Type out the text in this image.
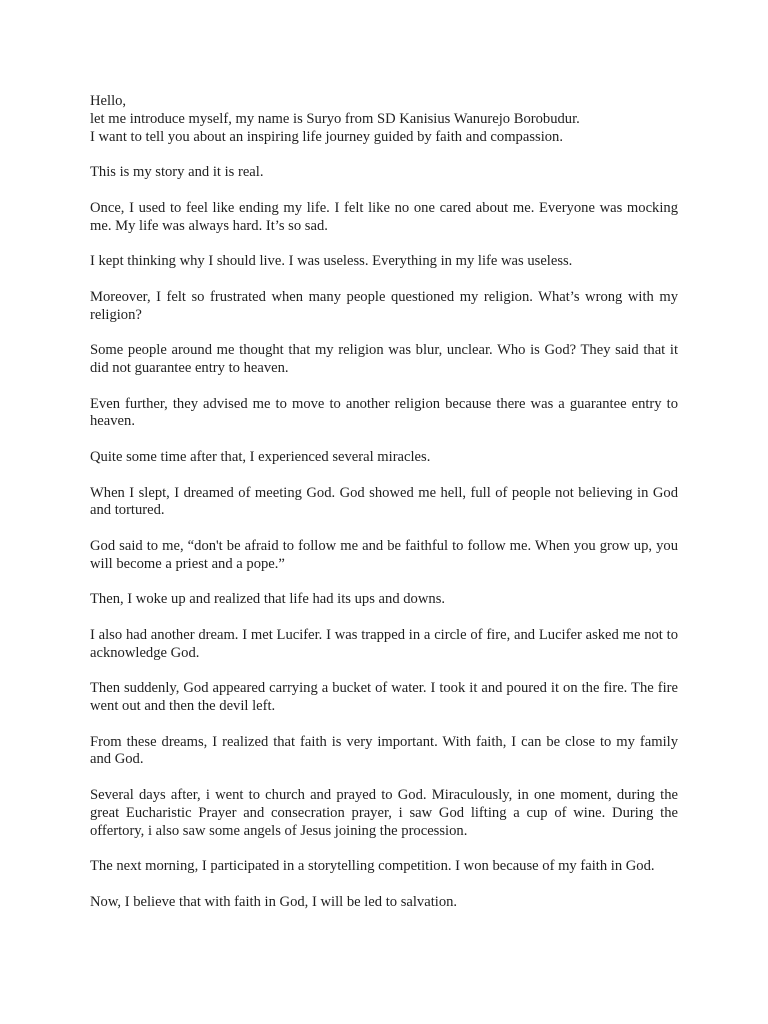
Hello,

let me introduce myself, my name is Suryo from SD Kanisius Wanurejo Borobudur.

I want to tell you about an inspiring life journey guided by faith and compassion.

This is my story and it is real.

Once, I used to feel like ending my life. I felt like no one cared about me. Everyone was mocking me. My life was always hard. It’s so sad.

I kept thinking why I should live. I was useless. Everything in my life was useless.

Moreover, I felt so frustrated when many people questioned my religion. What’s wrong with my religion?

Some people around me thought that my religion was blur, unclear. Who is God? They said that it did not guarantee entry to heaven.

Even further, they advised me to move to another religion because there was a guarantee entry to heaven.

Quite some time after that, I experienced several miracles.

When I slept, I dreamed of meeting God. God showed me hell, full of people not believing in God and tortured.

God said to me, “don't be afraid to follow me and be faithful to follow me. When you grow up, you will become a priest and a pope.”

Then, I woke up and realized that life had its ups and downs.

I also had another dream. I met Lucifer. I was trapped in a circle of fire, and Lucifer asked me not to acknowledge God.

Then suddenly, God appeared carrying a bucket of water. I took it and poured it on the fire. The fire went out and then the devil left.

From these dreams, I realized that faith is very important. With faith, I can be close to my family and God.

Several days after, i went to church and prayed to God. Miraculously, in one moment, during the great Eucharistic Prayer and consecration prayer, i saw God lifting a cup of wine. During the offertory, i also saw some angels of Jesus joining the procession.

The next morning, I participated in a storytelling competition. I won because of my faith in God.

Now, I believe that with faith in God, I will be led to salvation.
